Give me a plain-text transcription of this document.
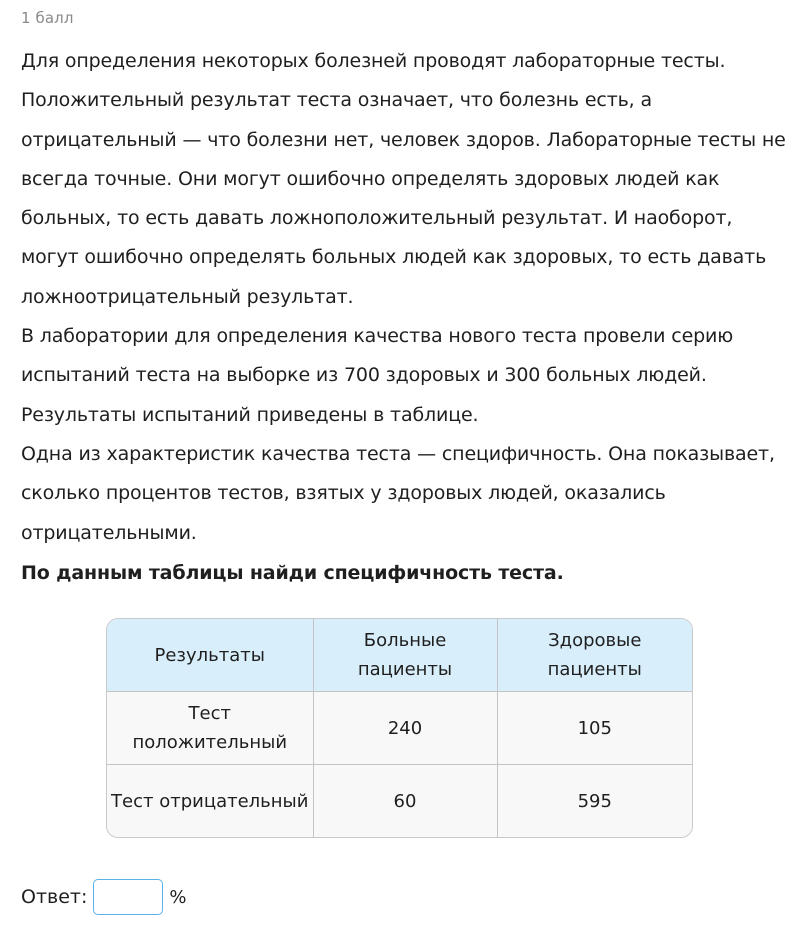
1 балл

Для определения некоторых болезней проводят лабораторные тесты. Положительный результат теста означает, что болезнь есть, а отрицательный — что болезни нет, человек здоров. Лабораторные тесты не всегда точные. Они могут ошибочно определять здоровых людей как больных, то есть давать ложноположительный результат. И наоборот, могут ошибочно определять больных людей как здоровых, то есть давать ложноотрицательный результат.

В лаборатории для определения качества нового теста провели серию испытаний теста на выборке из 700 здоровых и 300 больных людей. Результаты испытаний приведены в таблице.

Одна из характеристик качества теста — специфичность. Она показывает, сколько процентов тестов, взятых у здоровых людей, оказались отрицательными.

По данным таблицы найди специфичность теста.

Результаты	Больные пациенты	Здоровые пациенты
Тест положительный	240	105
Тест отрицательный	60	595
Ответ:	%
